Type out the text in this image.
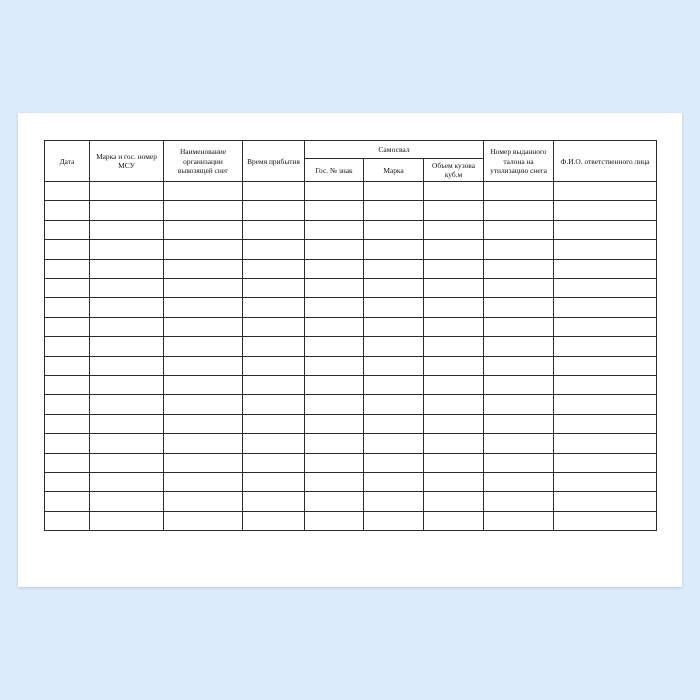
Дата	Марка и гос. номер МСУ	Наименование организации вывозящей снег	Время прибытия	Самосвал			Номер выданного талона на утилизацию снега	Ф.И.О. ответственного лица

				Гос. № знак	Марка	Объем кузова куб.м		
